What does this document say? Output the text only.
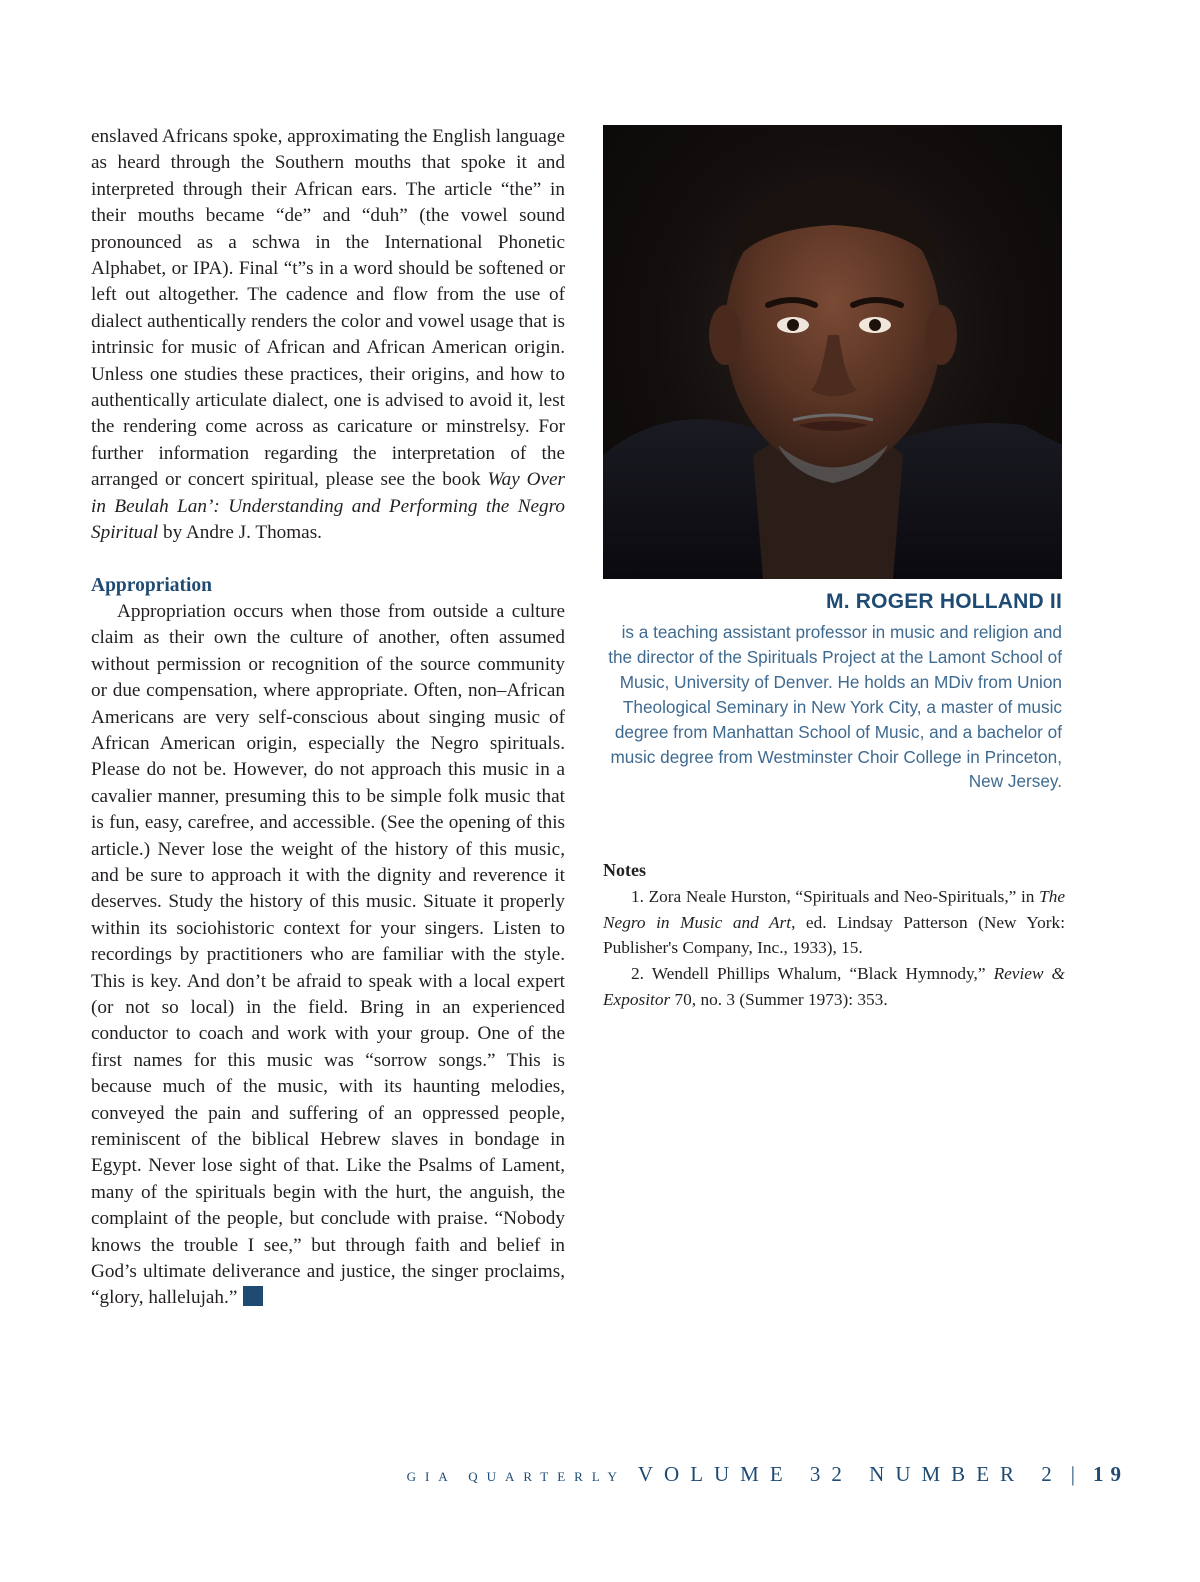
enslaved Africans spoke, approximating the English language as heard through the Southern mouths that spoke it and interpreted through their African ears. The article “the” in their mouths became “de” and “duh” (the vowel sound pronounced as a schwa in the International Phonetic Alphabet, or IPA). Final “t”s in a word should be softened or left out altogether. The cadence and flow from the use of dialect authentically renders the color and vowel usage that is intrinsic for music of African and African American origin. Unless one studies these practices, their origins, and how to authentically articulate dialect, one is advised to avoid it, lest the rendering come across as caricature or minstrelsy. For further information regarding the interpretation of the arranged or concert spiritual, please see the book Way Over in Beulah Lan’: Understanding and Performing the Negro Spiritual by Andre J. Thomas.

Appropriation

Appropriation occurs when those from outside a culture claim as their own the culture of another, often assumed without permission or recognition of the source community or due compensation, where appropriate. Often, non–African Americans are very self-conscious about singing music of African American origin, especially the Negro spirituals. Please do not be. However, do not approach this music in a cavalier manner, presuming this to be simple folk music that is fun, easy, carefree, and accessible. (See the opening of this article.) Never lose the weight of the history of this music, and be sure to approach it with the dignity and reverence it deserves. Study the history of this music. Situate it properly within its sociohistoric context for your singers. Listen to recordings by practitioners who are familiar with the style. This is key. And don’t be afraid to speak with a local expert (or not so local) in the field. Bring in an experienced conductor to coach and work with your group. One of the first names for this music was “sorrow songs.” This is because much of the music, with its haunting melodies, conveyed the pain and suffering of an oppressed people, reminiscent of the biblical Hebrew slaves in bondage in Egypt. Never lose sight of that. Like the Psalms of Lament, many of the spirituals begin with the hurt, the anguish, the complaint of the people, but conclude with praise. “Nobody knows the trouble I see,” but through faith and belief in God’s ultimate deliverance and justice, the singer proclaims, “glory, hallelujah.”

M. ROGER HOLLAND II
is a teaching assistant professor in music and religion and the director of the Spirituals Project at the Lamont School of Music, University of Denver. He holds an MDiv from Union Theological Seminary in New York City, a master of music degree from Manhattan School of Music, and a bachelor of music degree from Westminster Choir College in Princeton, New Jersey.

Notes

1. Zora Neale Hurston, “Spirituals and Neo-Spirituals,” in The Negro in Music and Art, ed. Lindsay Patterson (New York: Publisher's Company, Inc., 1933), 15.

2. Wendell Phillips Whalum, “Black Hymnody,” Review & Expositor 70, no. 3 (Summer 1973): 353.

GIA QUARTERLY VOLUME 32 NUMBER 2 | 19
